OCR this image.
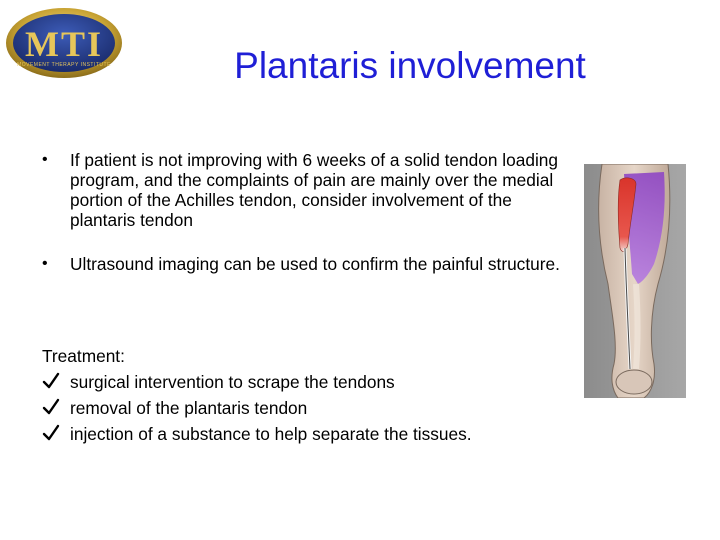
MTI
MOVEMENT THERAPY INSTITUTE	Plantaris involvement
•	If patient is not improving with 6 weeks of a solid tendon loading program, and the complaints of pain are mainly over the medial portion of the Achilles tendon, consider involvement of the plantaris tendon
•	Ultrasound imaging can be used to confirm the painful structure.
Treatment:
surgical intervention to scrape the tendons
removal of the plantaris tendon
injection of a substance to help separate the tissues.
